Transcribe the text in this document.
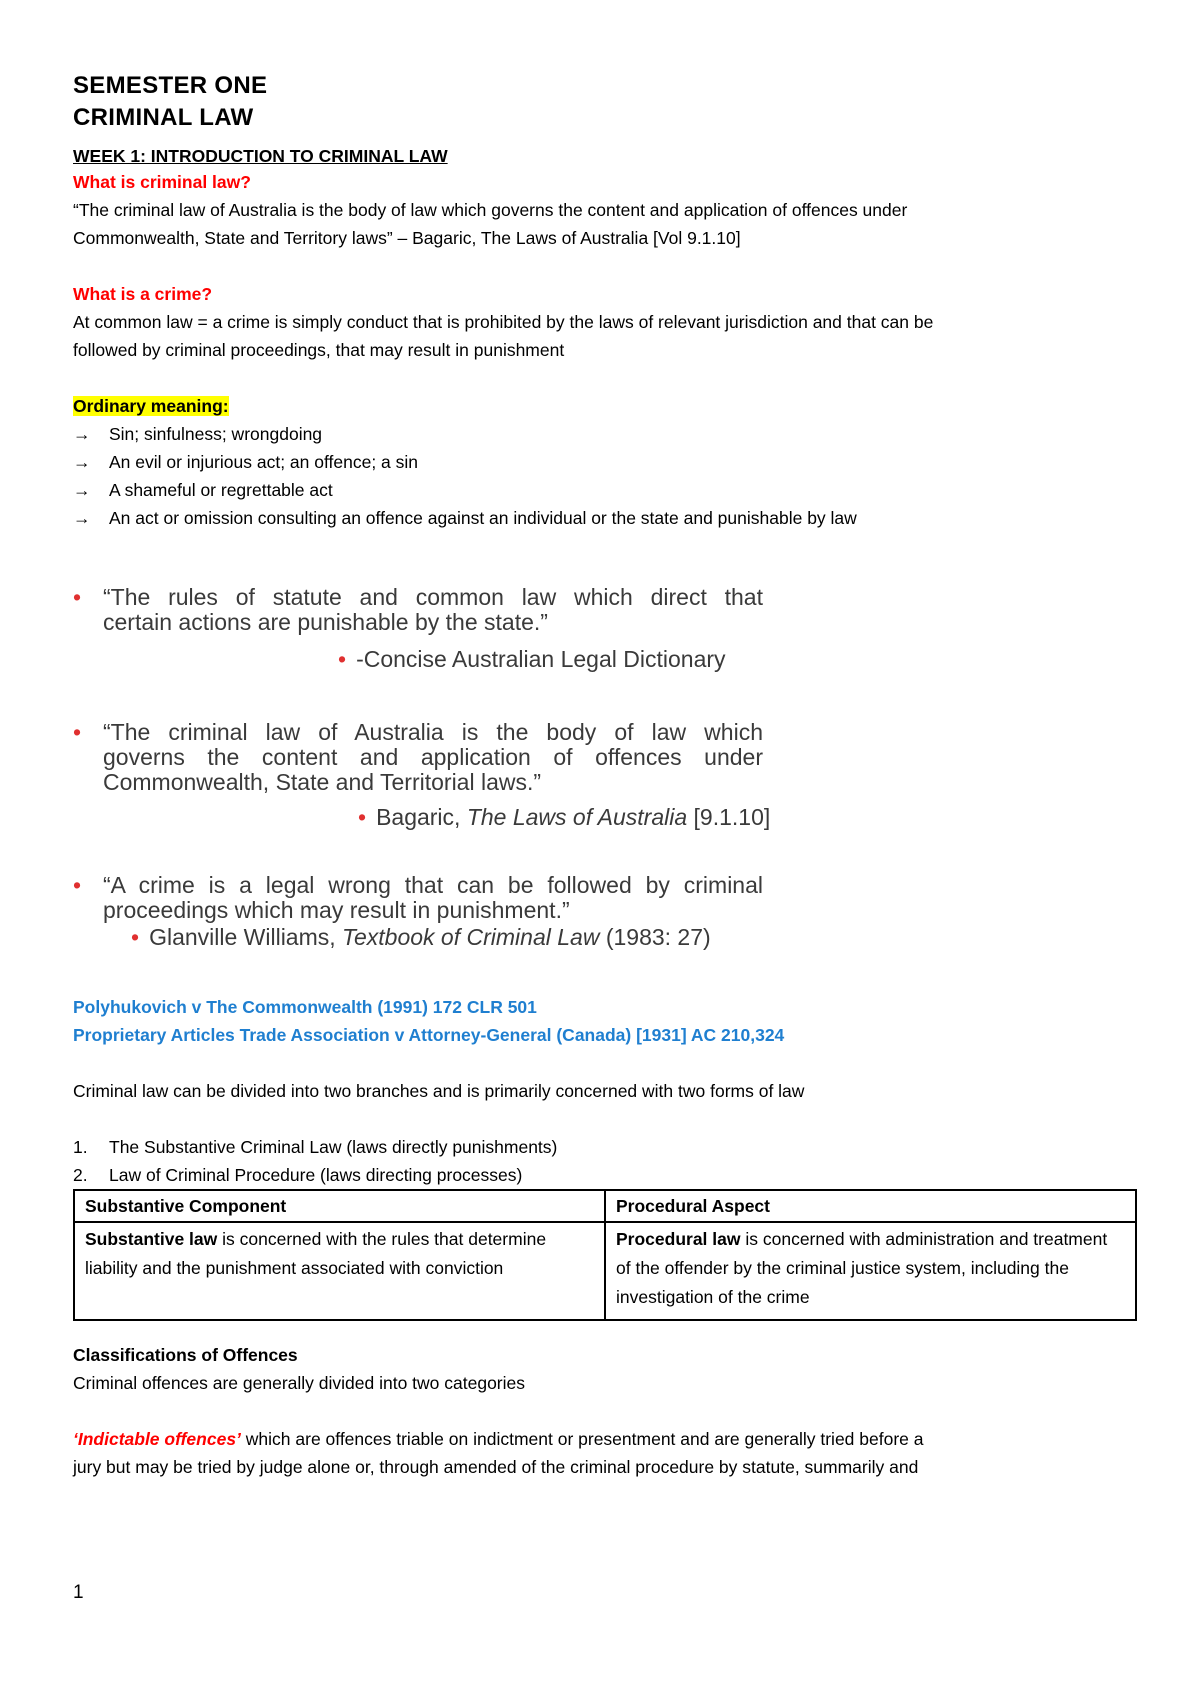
SEMESTER ONE
CRIMINAL LAW
WEEK 1: INTRODUCTION TO CRIMINAL LAW
What is criminal law?
“The criminal law of Australia is the body of law which governs the content and application of offences under
Commonwealth, State and Territory laws” – Bagaric, The Laws of Australia [Vol 9.1.10]
What is a crime?
At common law = a crime is simply conduct that is prohibited by the laws of relevant jurisdiction and that can be
followed by criminal proceedings, that may result in punishment
Ordinary meaning:
→ Sin; sinfulness; wrongdoing
→ An evil or injurious act; an offence; a sin
→ A shameful or regrettable act
→ An act or omission consulting an offence against an individual or the state and punishable by law
• “The rules of statute and common law which direct that
certain actions are punishable by the state.”
• -Concise Australian Legal Dictionary
• “The criminal law of Australia is the body of law which
governs the content and application of offences under
Commonwealth, State and Territorial laws.”
• Bagaric, The Laws of Australia [9.1.10]
• “A crime is a legal wrong that can be followed by criminal
proceedings which may result in punishment.”
• Glanville Williams, Textbook of Criminal Law (1983: 27)
Polyhukovich v The Commonwealth (1991) 172 CLR 501
Proprietary Articles Trade Association v Attorney-General (Canada) [1931] AC 210,324
Criminal law can be divided into two branches and is primarily concerned with two forms of law
1. The Substantive Criminal Law (laws directly punishments)
2. Law of Criminal Procedure (laws directing processes)
Substantive Component	Procedural Aspect
Substantive law is concerned with the rules that determine liability and the punishment associated with conviction	Procedural law is concerned with administration and treatment of the offender by the criminal justice system, including the investigation of the crime
Classifications of Offences
Criminal offences are generally divided into two categories
‘Indictable offences’ which are offences triable on indictment or presentment and are generally tried before a
jury but may be tried by judge alone or, through amended of the criminal procedure by statute, summarily and
1
